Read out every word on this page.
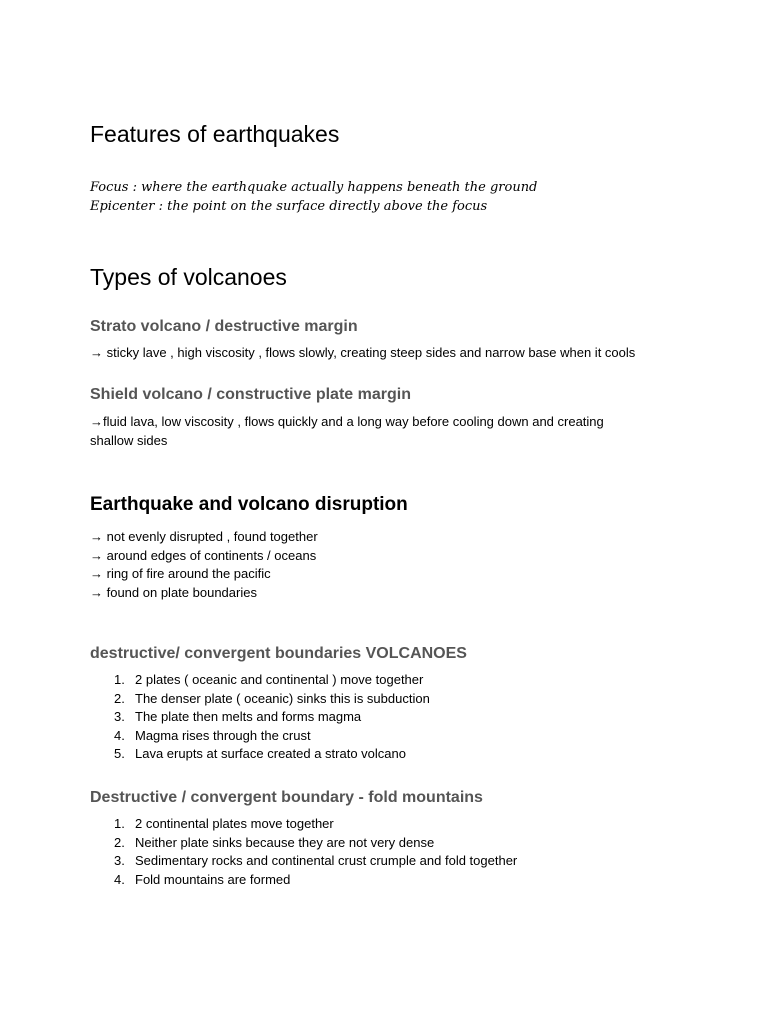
Features of earthquakes
Focus : where the earthquake actually happens beneath the ground
Epicenter : the point on the surface directly above the focus
Types of volcanoes
Strato volcano / destructive margin
→ sticky lave , high viscosity , flows slowly, creating steep sides and narrow base when it cools
Shield volcano / constructive plate margin
→fluid lava, low viscosity , flows quickly and a long way before cooling down and creating shallow sides
Earthquake and volcano disruption
→ not evenly disrupted , found together
→ around edges of continents / oceans
→ ring of fire around the pacific
→ found on plate boundaries
destructive/ convergent boundaries VOLCANOES
1. 2 plates ( oceanic and continental ) move together
2. The denser plate ( oceanic) sinks this is subduction
3. The plate then melts and forms magma
4. Magma rises through the crust
5. Lava erupts at surface created a strato volcano
Destructive / convergent boundary - fold mountains
1. 2 continental plates move together
2. Neither plate sinks because they are not very dense
3. Sedimentary rocks and continental crust crumple and fold together
4. Fold mountains are formed
